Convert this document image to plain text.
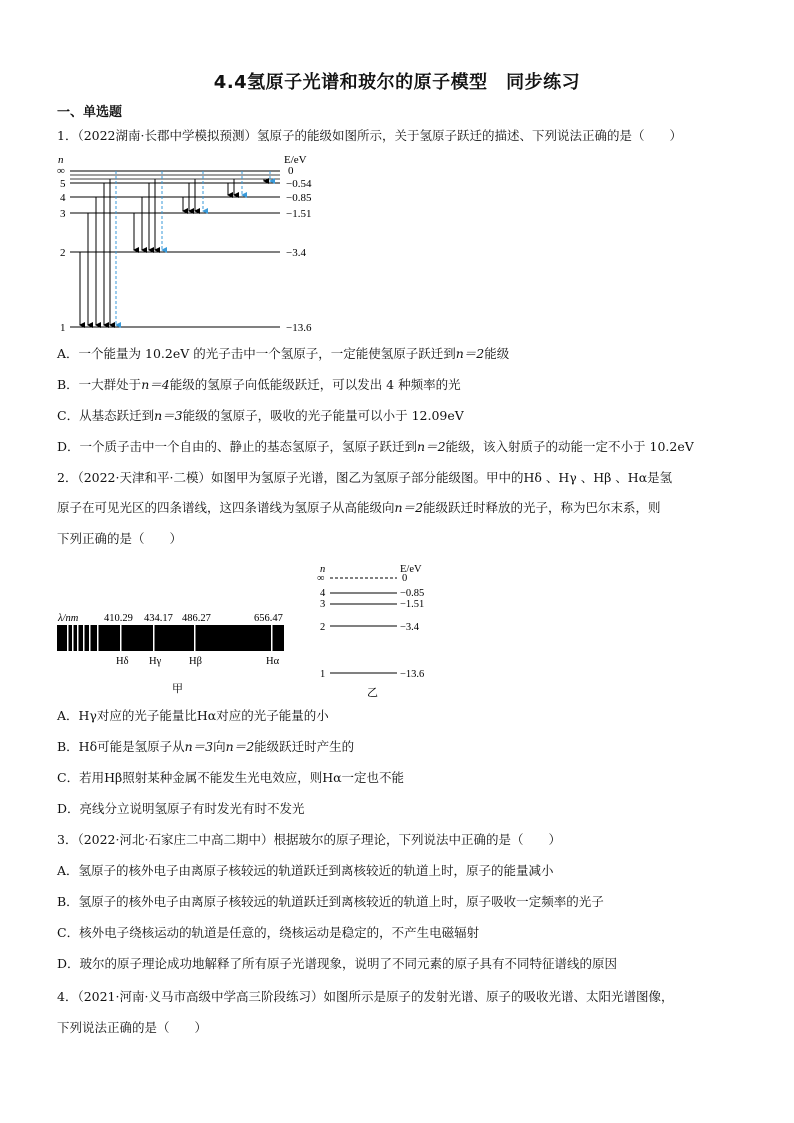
4.4氢原子光谱和玻尔的原子模型　同步练习
一、单选题
1．（2022湖南·长郡中学模拟预测）氢原子的能级如图所示，关于氢原子跃迁的描述、下列说法正确的是（　　）
n	E/eV
∞
5
4
3
2
1
0
−0.54
−0.85
−1.51
−3.4
−13.6
A．一个能量为 10.2eV 的光子击中一个氢原子，一定能使氢原子跃迁到n＝2能级
B．一大群处于n＝4能级的氢原子向低能级跃迁，可以发出 4 种频率的光
C．从基态跃迁到n＝3能级的氢原子，吸收的光子能量可以小于 12.09eV
D．一个质子击中一个自由的、静止的基态氢原子，氢原子跃迁到n＝2能级，该入射质子的动能一定不小于 10.2eV
2．（2022·天津和平·二模）如图甲为氢原子光谱，图乙为氢原子部分能级图。甲中的Hδ 、Hγ 、Hβ 、Hα是氢
原子在可见光区的四条谱线，这四条谱线为氢原子从高能级向n＝2能级跃迁时释放的光子，称为巴尔末系，则
下列正确的是（　　）
λ/nm 410.29 434.17 486.27	656.47
Hδ Hγ	Hβ	Hα
甲
n	E/eV
∞
4
3
2
1
0
−0.85
−1.51
−3.4
−13.6
乙
A．Hγ对应的光子能量比Hα对应的光子能量的小
B．Hδ可能是氢原子从n＝3向n＝2能级跃迁时产生的
C．若用Hβ照射某种金属不能发生光电效应，则Hα一定也不能
D．亮线分立说明氢原子有时发光有时不发光
3．（2022·河北·石家庄二中高二期中）根据玻尔的原子理论，下列说法中正确的是（　　）
A．氢原子的核外电子由离原子核较远的轨道跃迁到离核较近的轨道上时，原子的能量减小
B．氢原子的核外电子由离原子核较远的轨道跃迁到离核较近的轨道上时，原子吸收一定频率的光子
C．核外电子绕核运动的轨道是任意的，绕核运动是稳定的，不产生电磁辐射
D．玻尔的原子理论成功地解释了所有原子光谱现象，说明了不同元素的原子具有不同特征谱线的原因
4．（2021·河南·义马市高级中学高三阶段练习）如图所示是原子的发射光谱、原子的吸收光谱、太阳光谱图像，
下列说法正确的是（　　）
